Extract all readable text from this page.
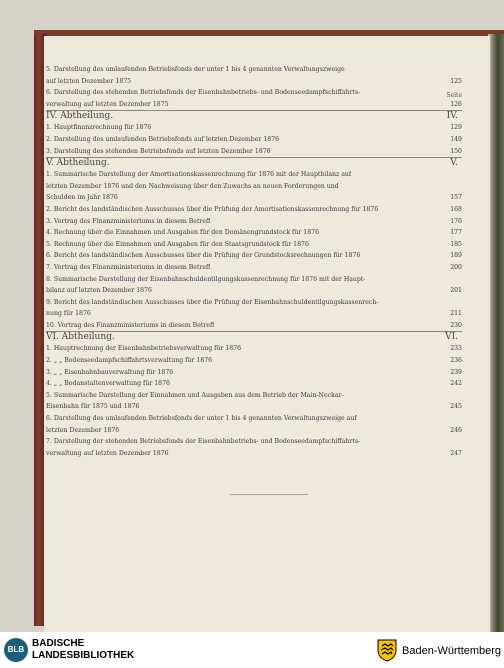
Seite
5. Darstellung des umlaufenden Betriebsfonds der unter 1 bis 4 genannten Verwaltungszweige
auf letzten Dezember 1875	125
6. Darstellung des stehenden Betriebsfonds der Eisenbahnbetriebs- und Bodenseedampfschiffahrts-
verwaltung auf letzten Dezember 1875	126
IV. Abtheilung.	IV.
1. Hauptfinanzrechnung für 1876	129
2. Darstellung des umlaufenden Betriebsfonds auf letzten Dezember 1876	149
3. Darstellung des stehenden Betriebsfonds auf letzten Dezember 1876	150
V. Abtheilung.	V.
1. Summarische Darstellung der Amortisationskassenrechnung für 1876 mit der Hauptbilanz auf
letzten Dezember 1876 und den Nachweisung über den Zuwachs an neuen Forderungen und
Schulden im Jahr 1876	157
2. Bericht des landständischen Ausschusses über die Prüfung der Amortisationskassenrechnung für 1876	168
3. Vortrag des Finanzministeriums in diesem Betreff	176
4. Rechnung über die Einnahmen und Ausgaben für den Domänengrundstock für 1876	177
5. Rechnung über die Einnahmen und Ausgaben für den Staatsgrundstock für 1876	185
6. Bericht des landständischen Ausschusses über die Prüfung der Grundstocksrechnungen für 1876	189
7. Vortrag des Finanzministeriums in diesem Betreff	200
8. Summarische Darstellung der Eisenbahnschuldentilgungskassenrechnung für 1876 mit der Haupt-
bilanz auf letzten Dezember 1876	201
9. Bericht des landständischen Ausschusses über die Prüfung der Eisenbahnschuldentilgungskassenrech-
nung für 1876	211
10. Vortrag des Finanzministeriums in diesem Betreff	230
VI. Abtheilung.	VI.
1. Hauptrechnung der Eisenbahnbetriebsverwaltung für 1876	233
2. „ „ Bodenseedampfschiffahrtsverwaltung für 1876	236
3. „ „ Eisenbahnbauverwaltung für 1876	239
4. „ „ Bodanstaltenverwaltung für 1876	242
5. Summarische Darstellung der Einnahmen und Ausgaben aus dem Betrieb der Main-Neckar-
Eisenbahn für 1875 und 1876	245
6. Darstellung des umlaufenden Betriebsfonds der unter 1 bis 4 genannten Verwaltungszweige auf
letzten Dezember 1876	246
7. Darstellung der stehenden Betriebsfonds der Eisenbahnbetriebs- und Bodenseedampfschiffahrts-
verwaltung auf letzten Dezember 1876	247
BLB
BADISCHE
LANDESBIBLIOTHEK	Baden-Württemberg
